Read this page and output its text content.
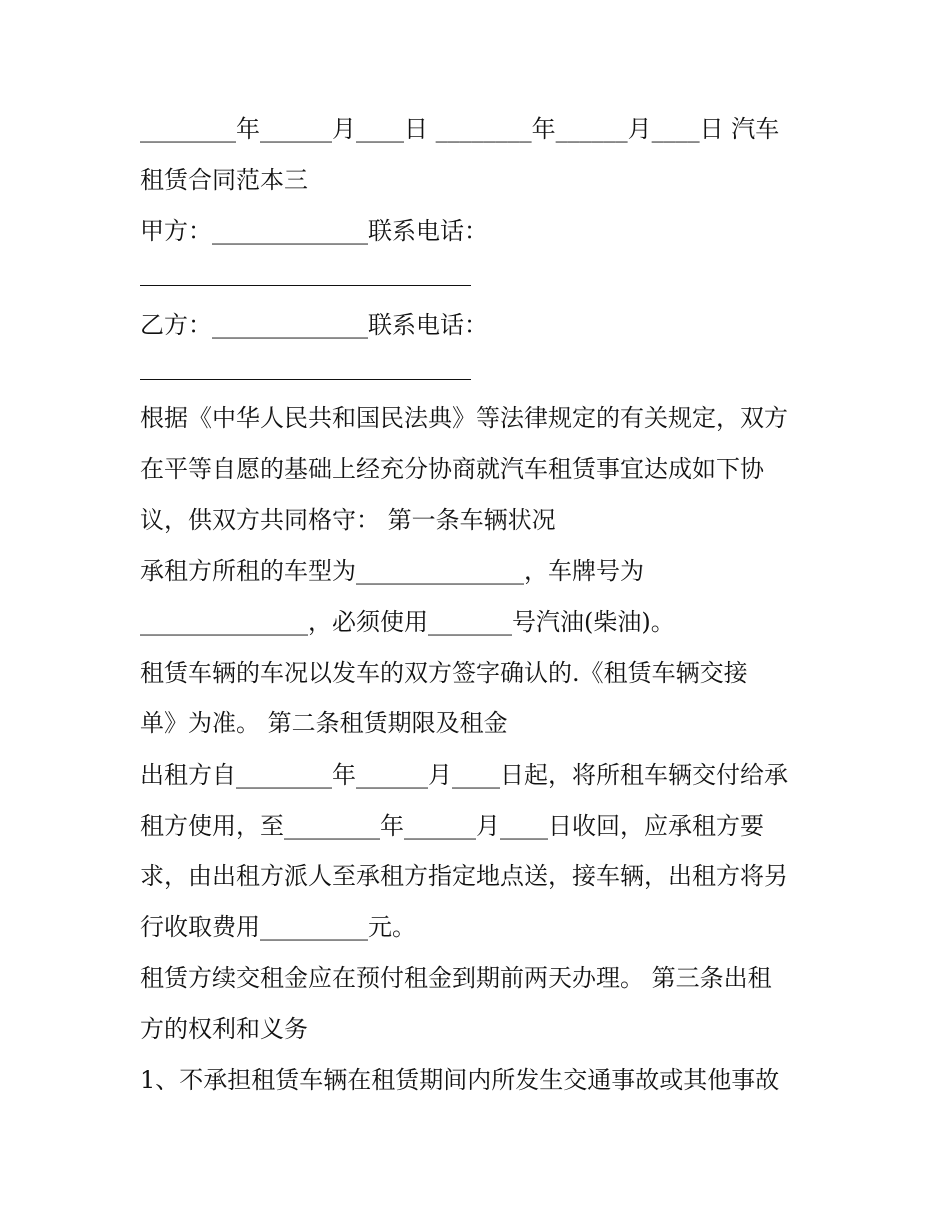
________年______月____日 ________年______月____日 汽车

租赁合同范本三

甲方：_____________联系电话：

乙方：_____________联系电话：

根据《中华人民共和国民法典》等法律规定的有关规定，双方

在平等自愿的基础上经充分协商就汽车租赁事宜达成如下协

议，供双方共同格守： 第一条车辆状况

承租方所租的车型为______________，车牌号为

______________，必须使用_______号汽油(柴油)。

租赁车辆的车况以发车的双方签字确认的.《租赁车辆交接

单》为准。 第二条租赁期限及租金

出租方自________年______月____日起，将所租车辆交付给承

租方使用，至________年______月____日收回，应承租方要

求，由出租方派人至承租方指定地点送，接车辆，出租方将另

行收取费用_________元。

租赁方续交租金应在预付租金到期前两天办理。 第三条出租

方的权利和义务

1、不承担租赁车辆在租赁期间内所发生交通事故或其他事故
